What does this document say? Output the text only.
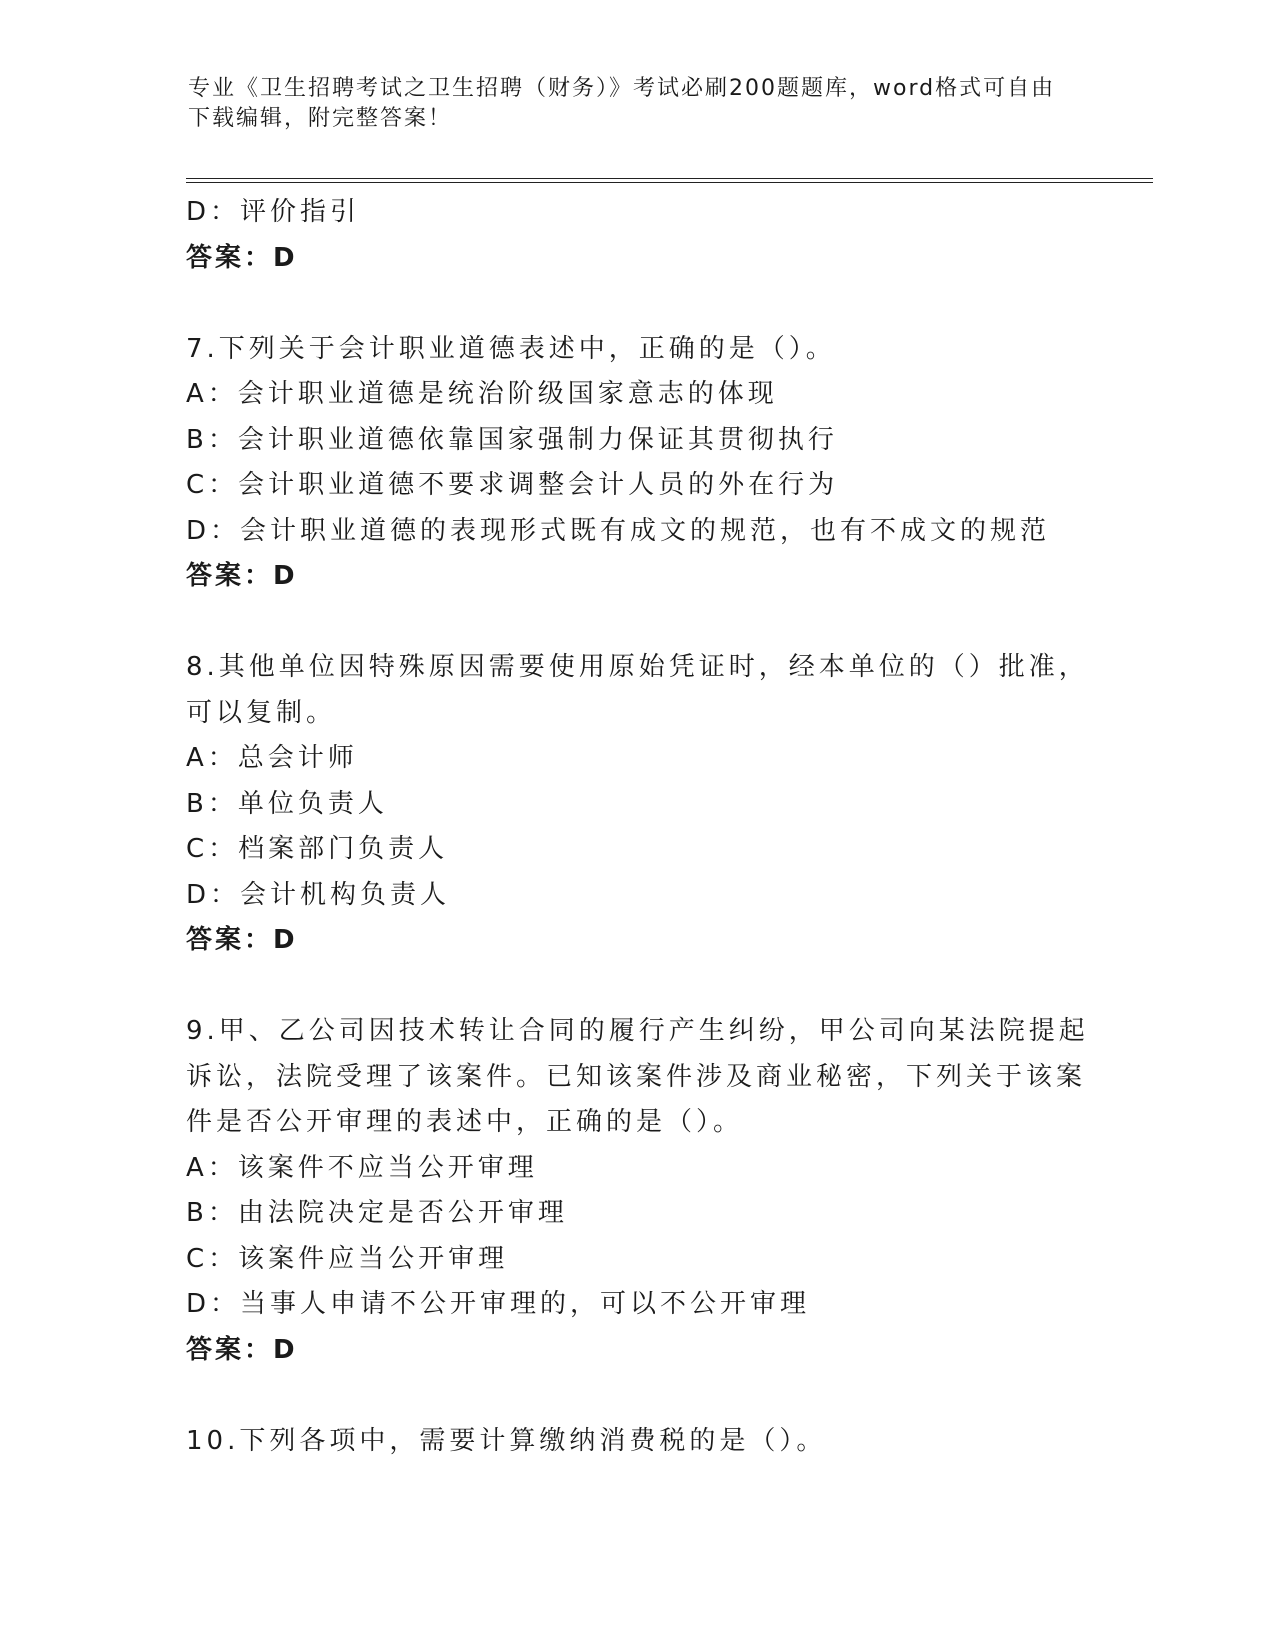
专业《卫生招聘考试之卫生招聘（财务）》考试必刷200题题库，word格式可自由下载编辑，附完整答案！
D：评价指引
答案：D
7.下列关于会计职业道德表述中，正确的是（）。
A：会计职业道德是统治阶级国家意志的体现
B：会计职业道德依靠国家强制力保证其贯彻执行
C：会计职业道德不要求调整会计人员的外在行为
D：会计职业道德的表现形式既有成文的规范，也有不成文的规范
答案：D
8.其他单位因特殊原因需要使用原始凭证时，经本单位的（）批准，
可以复制。
A：总会计师
B：单位负责人
C：档案部门负责人
D：会计机构负责人
答案：D
9.甲、乙公司因技术转让合同的履行产生纠纷，甲公司向某法院提起
诉讼，法院受理了该案件。已知该案件涉及商业秘密，下列关于该案
件是否公开审理的表述中，正确的是（）。
A：该案件不应当公开审理
B：由法院决定是否公开审理
C：该案件应当公开审理
D：当事人申请不公开审理的，可以不公开审理
答案：D
10.下列各项中，需要计算缴纳消费税的是（）。
